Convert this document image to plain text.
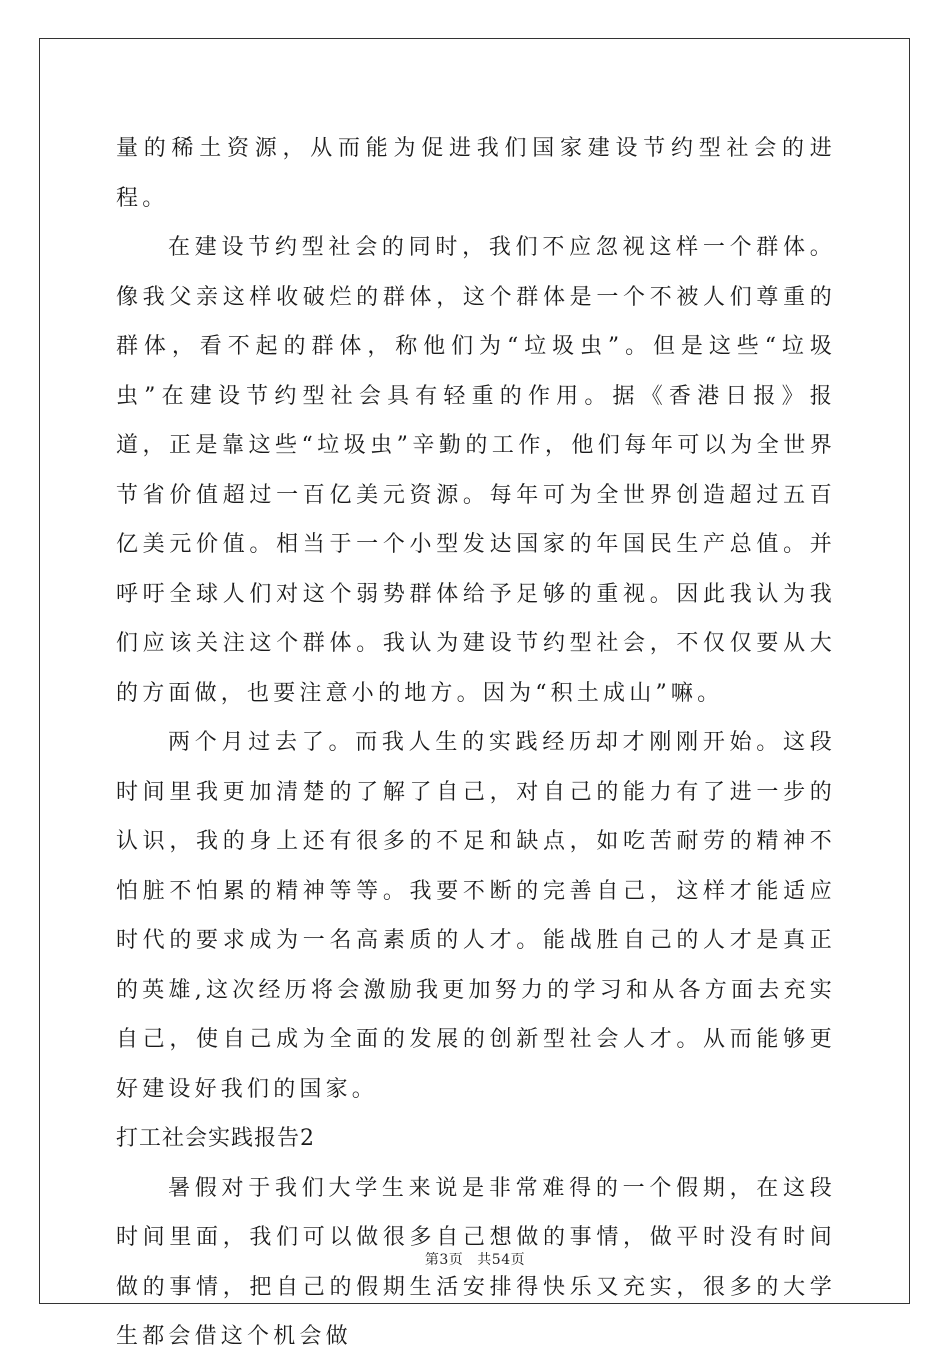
量的稀土资源，从而能为促进我们国家建设节约型社会的进程。

在建设节约型社会的同时，我们不应忽视这样一个群体。像我父亲这样收破烂的群体，这个群体是一个不被人们尊重的群体，看不起的群体，称他们为“垃圾虫”。但是这些“垃圾虫”在建设节约型社会具有轻重的作用。据《香港日报》报道，正是靠这些“垃圾虫”辛勤的工作，他们每年可以为全世界节省价值超过一百亿美元资源。每年可为全世界创造超过五百亿美元价值。相当于一个小型发达国家的年国民生产总值。并呼吁全球人们对这个弱势群体给予足够的重视。因此我认为我们应该关注这个群体。我认为建设节约型社会，不仅仅要从大的方面做，也要注意小的地方。因为“积土成山”嘛。

两个月过去了。而我人生的实践经历却才刚刚开始。这段时间里我更加清楚的了解了自己，对自己的能力有了进一步的认识，我的身上还有很多的不足和缺点，如吃苦耐劳的精神不怕脏不怕累的精神等等。我要不断的完善自己，这样才能适应时代的要求成为一名高素质的人才。能战胜自己的人才是真正的英雄,这次经历将会激励我更加努力的学习和从各方面去充实自己，使自己成为全面的发展的创新型社会人才。从而能够更好建设好我们的国家。

打工社会实践报告2

暑假对于我们大学生来说是非常难得的一个假期，在这段时间里面，我们可以做很多自己想做的事情，做平时没有时间做的事情，把自己的假期生活安排得快乐又充实，很多的大学生都会借这个机会做

第3页 共54页
